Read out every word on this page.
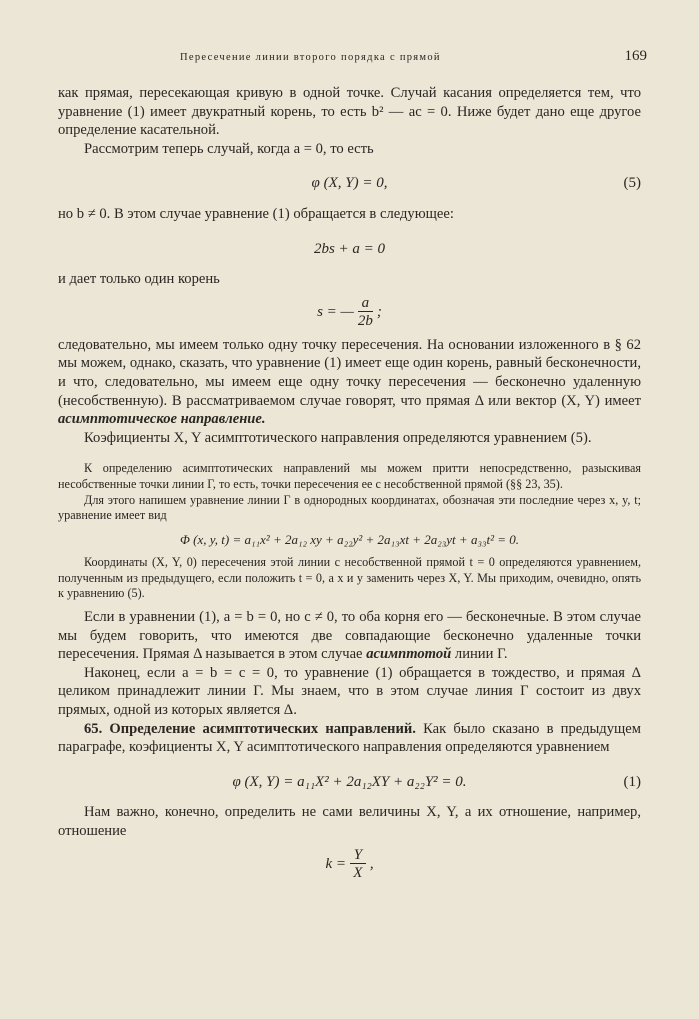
Пересечение линии второго порядка с прямой	169

как прямая, пересекающая кривую в одной точке. Случай касания определяется тем, что уравнение (1) имеет двукратный корень, то есть b² — ac = 0. Ниже будет дано еще другое определение касательной.

Рассмотрим теперь случай, когда a = 0, то есть

φ (X, Y) = 0,	(5)

но b ≠ 0. В этом случае уравнение (1) обращается в следующее:

2bs + a = 0

и дает только один корень

s = — $\frac{a}{2b}$ ;

следовательно, мы имеем только одну точку пересечения. На основании изложенного в § 62 мы можем, однако, сказать, что уравнение (1) имеет еще один корень, равный бесконечности, и что, следовательно, мы имеем еще одну точку пересечения — бесконечно удаленную (несобственную). В рассматриваемом случае говорят, что прямая Δ или вектор (X, Y) имеет асимптотическое направление.

Коэфициенты X, Y асимптотического направления определяются уравнением (5).

К определению асимптотических направлений мы можем притти непосредственно, разыскивая несобственные точки линии Г, то есть, точки пересечения ее с несобственной прямой (§§ 23, 35).

Для этого напишем уравнение линии Г в однородных координатах, обозначая эти последние через x, y, t; уравнение имеет вид

Φ (x, y, t) = a₁₁x² + 2a₁₂ xy + a₂₂y² + 2a₁₃xt + 2a₂₃yt + a₃₃t² = 0.

Координаты (X, Y, 0) пересечения этой линии с несобственной прямой t = 0 определяются уравнением, полученным из предыдущего, если положить t = 0, а x и y заменить через X, Y. Мы приходим, очевидно, опять к уравнению (5).

Если в уравнении (1), a = b = 0, но c ≠ 0, то оба корня его — бесконечные. В этом случае мы будем говорить, что имеются две совпадающие бесконечно удаленные точки пересечения. Прямая Δ называется в этом случае асимптотой линии Г.

Наконец, если a = b = c = 0, то уравнение (1) обращается в тождество, и прямая Δ целиком принадлежит линии Г. Мы знаем, что в этом случае линия Г состоит из двух прямых, одной из которых является Δ.

65. Определение асимптотических направлений. Как было сказано в предыдущем параграфе, коэфициенты X, Y асимптотического направления определяются уравнением

φ (X, Y) = a₁₁X² + 2a₁₂XY + a₂₂Y² = 0.	(1)

Нам важно, конечно, определить не сами величины X, Y, а их отношение, например, отношение

$k = \frac{Y}{X}$ ,
